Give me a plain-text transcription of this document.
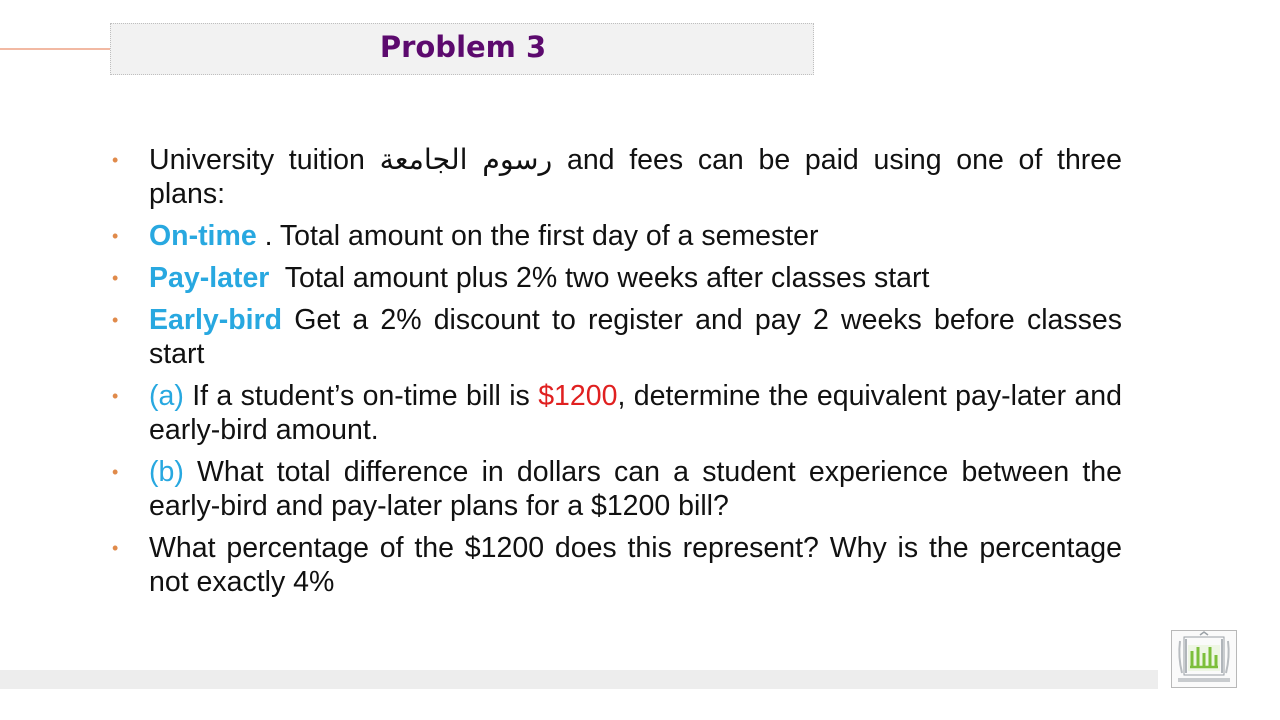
Problem 3
• University tuition رسوم الجامعة and fees can be paid using one of three plans:
• On-time . Total amount on the first day of a semester
• Pay-later  Total amount plus 2% two weeks after classes start
• Early-bird Get a 2% discount to register and pay 2 weeks before classes start
• (a) If a student’s on-time bill is $1200, determine the equivalent pay-later and early-bird amount.
• (b) What total difference in dollars can a student experience between the early-bird and pay-later plans for a $1200 bill?
• What percentage of the $1200 does this represent? Why is the percentage not exactly 4%
